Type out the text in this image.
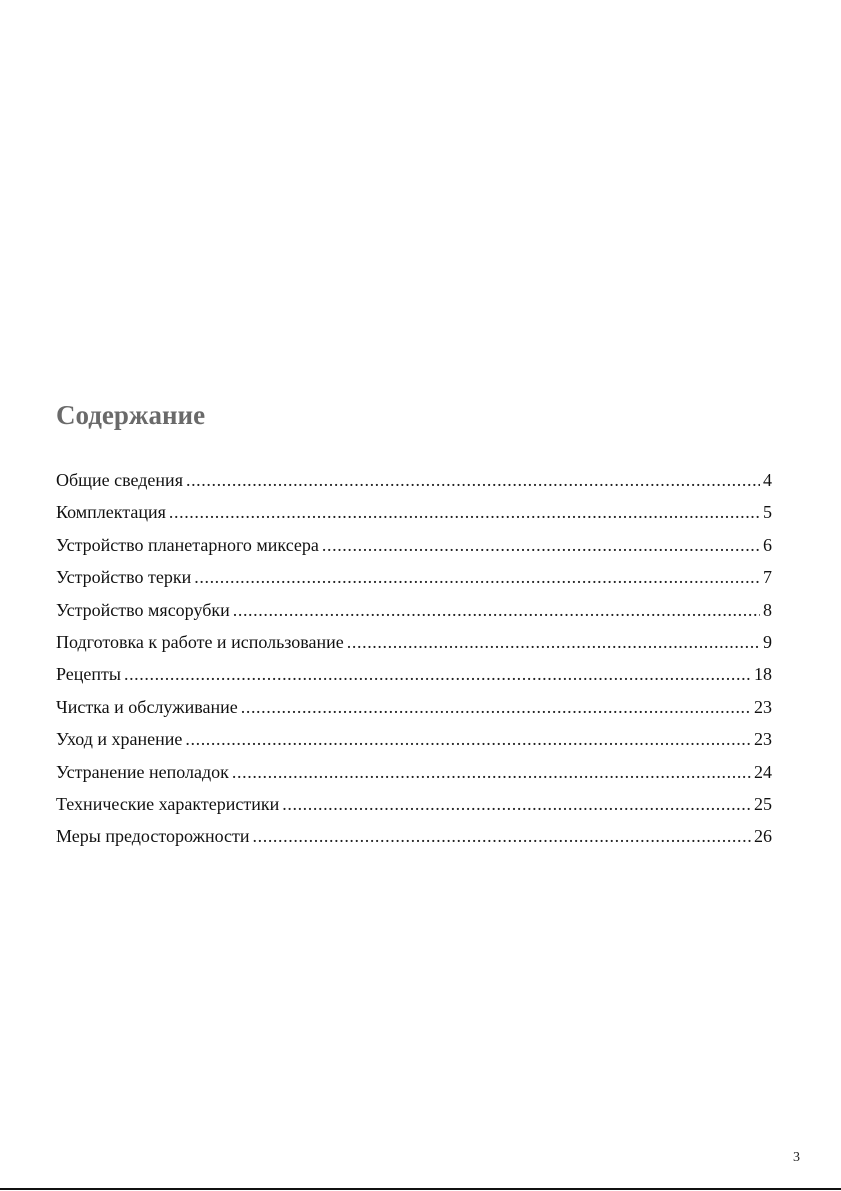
Содержание
Общие сведения .....	4
Комплектация .....	5
Устройство планетарного миксера .....	6
Устройство терки .....	7
Устройство мясорубки .....	8
Подготовка к работе и использование .....	9
Рецепты .....	18
Чистка и обслуживание .....	23
Уход и хранение .....	23
Устранение неполадок .....	24
Технические характеристики .....	25
Меры предосторожности .....	26
3
